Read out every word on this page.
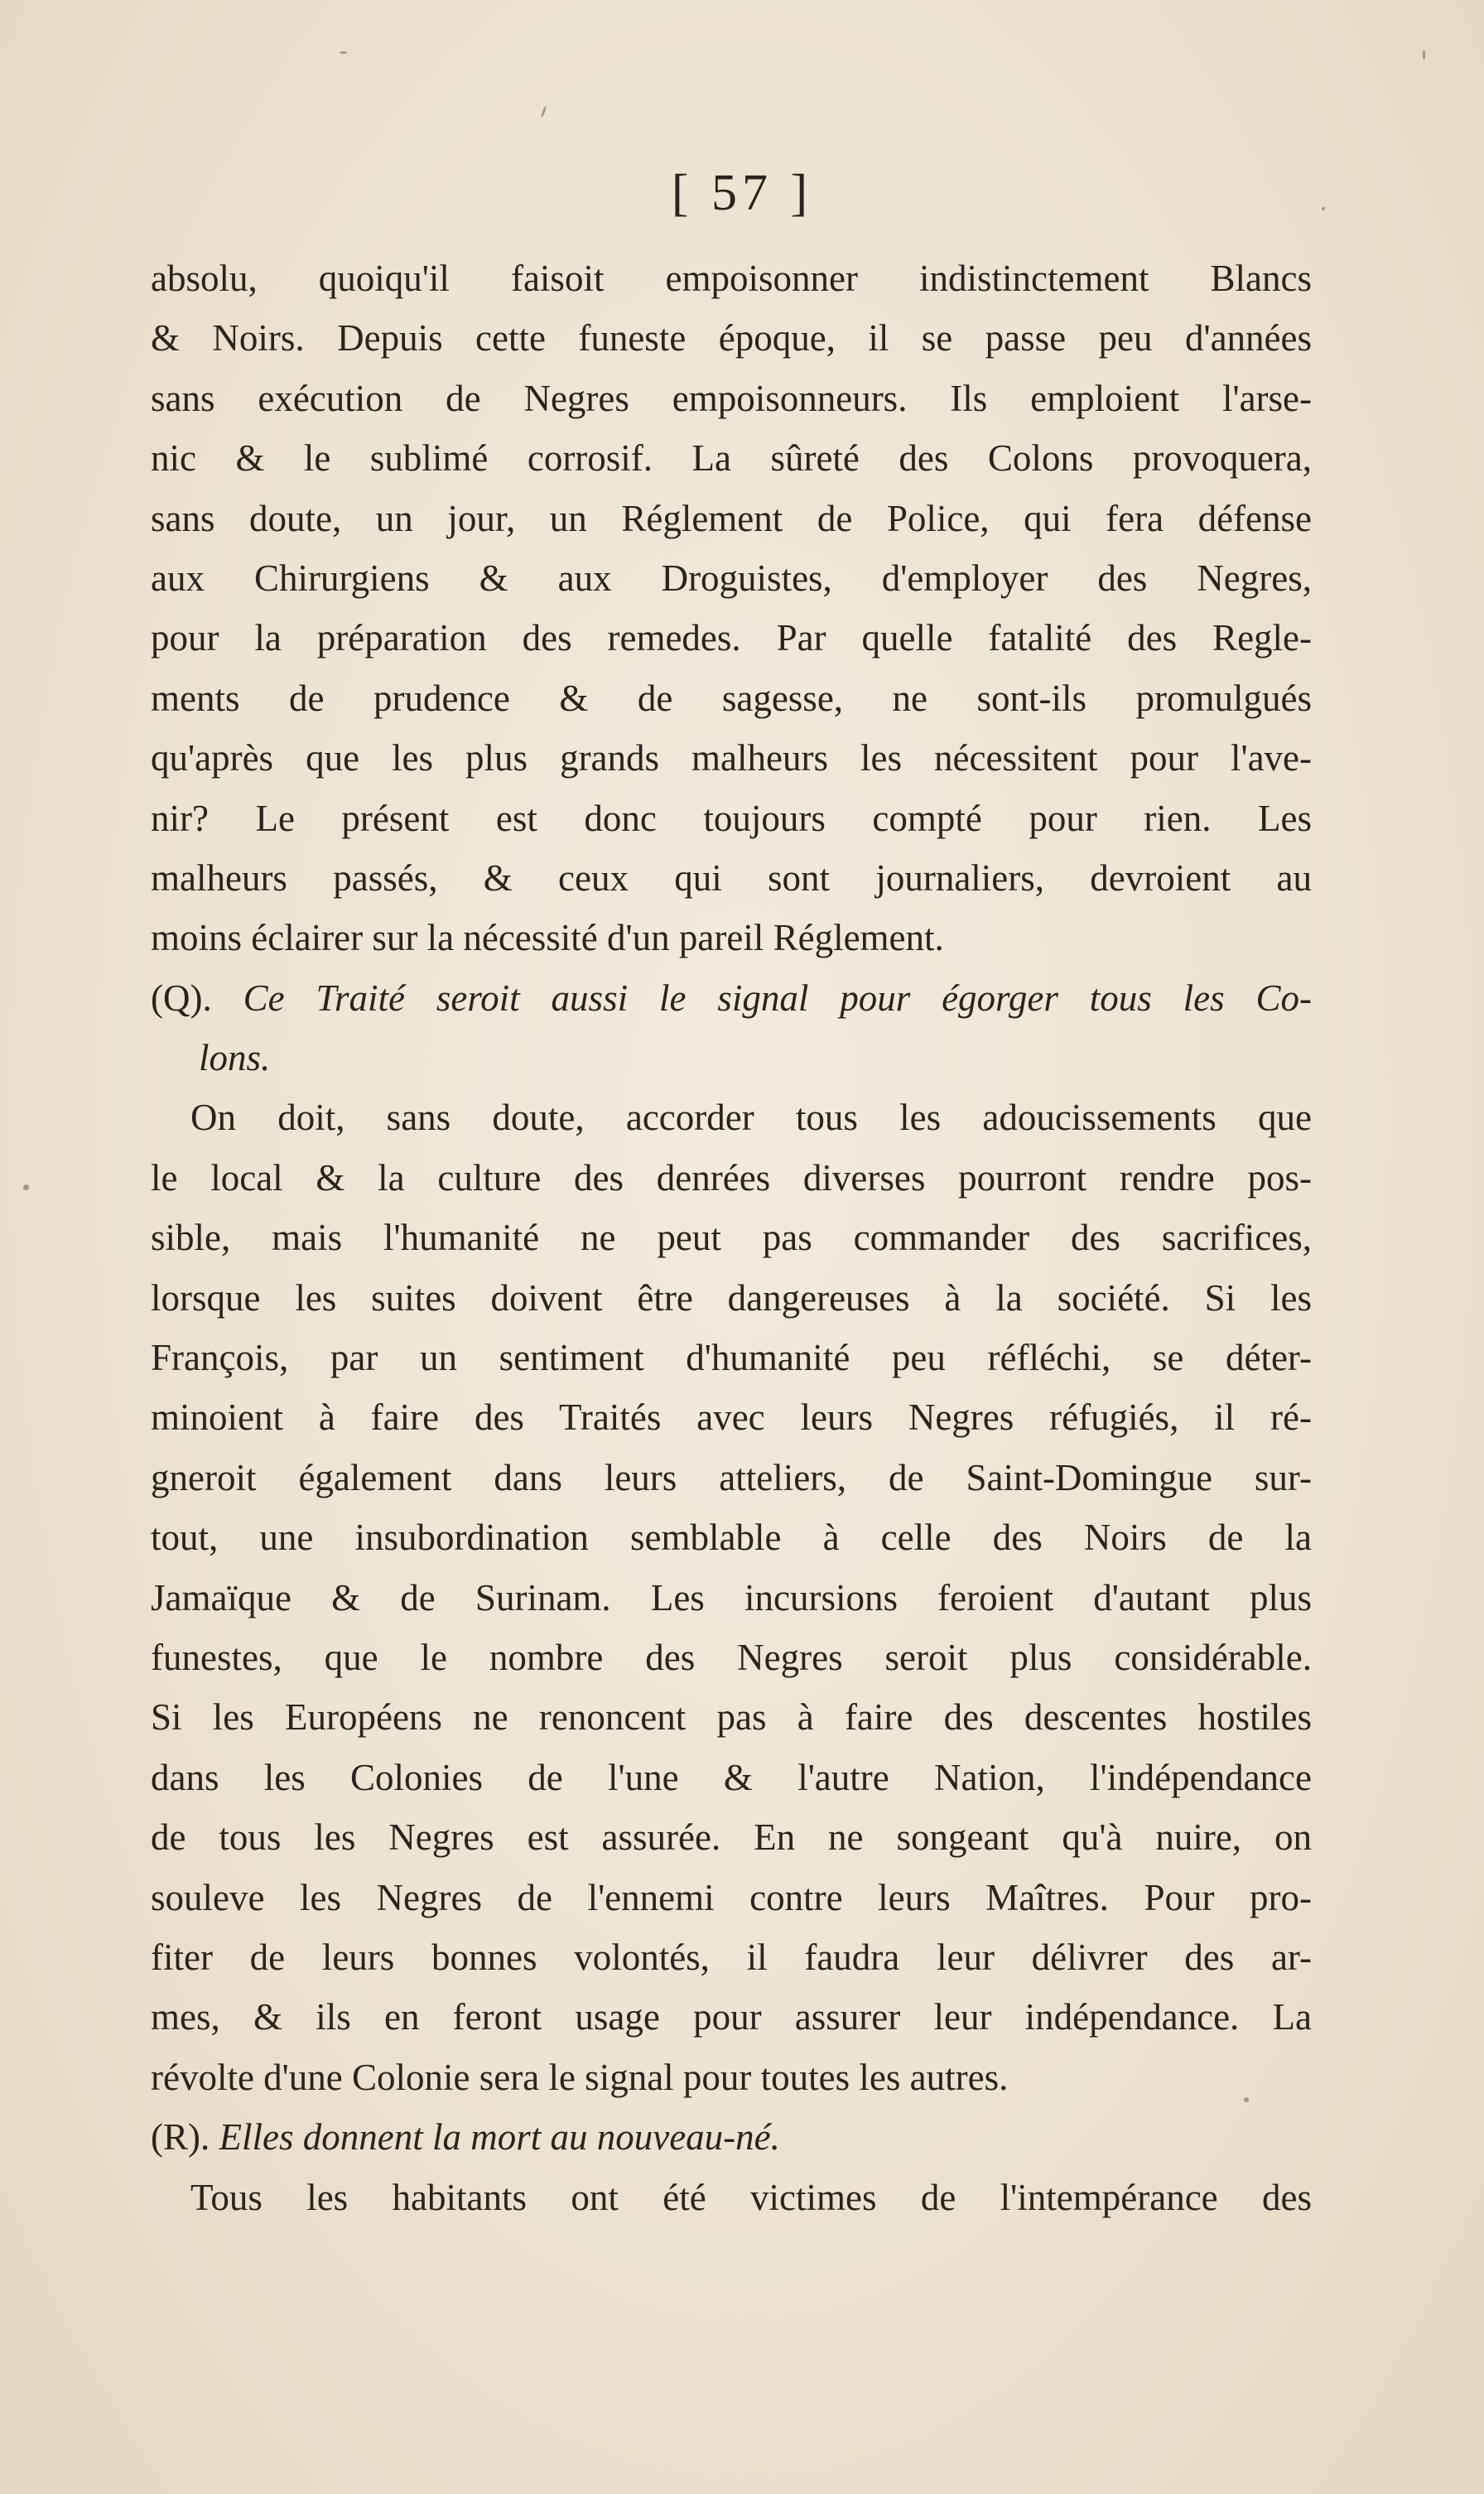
[ 57 ]
absolu, quoiqu'il faisoit empoisonner indistinctement Blancs
& Noirs. Depuis cette funeste époque, il se passe peu d'années
sans exécution de Negres empoisonneurs. Ils emploient l'arse-
nic & le sublimé corrosif. La sûreté des Colons provoquera,
sans doute, un jour, un Réglement de Police, qui fera défense
aux Chirurgiens & aux Droguistes, d'employer des Negres,
pour la préparation des remedes. Par quelle fatalité des Regle-
ments de prudence & de sagesse, ne sont-ils promulgués
qu'après que les plus grands malheurs les nécessitent pour l'ave-
nir? Le présent est donc toujours compté pour rien. Les
malheurs passés, & ceux qui sont journaliers, devroient au
moins éclairer sur la nécessité d'un pareil Réglement.
(Q). Ce Traité seroit aussi le signal pour égorger tous les Co-
lons.
On doit, sans doute, accorder tous les adoucissements que
le local & la culture des denrées diverses pourront rendre pos-
sible, mais l'humanité ne peut pas commander des sacrifices,
lorsque les suites doivent être dangereuses à la société. Si les
François, par un sentiment d'humanité peu réfléchi, se déter-
minoient à faire des Traités avec leurs Negres réfugiés, il ré-
gneroit également dans leurs atteliers, de Saint-Domingue sur-
tout, une insubordination semblable à celle des Noirs de la
Jamaïque & de Surinam. Les incursions feroient d'autant plus
funestes, que le nombre des Negres seroit plus considérable.
Si les Européens ne renoncent pas à faire des descentes hostiles
dans les Colonies de l'une & l'autre Nation, l'indépendance
de tous les Negres est assurée. En ne songeant qu'à nuire, on
souleve les Negres de l'ennemi contre leurs Maîtres. Pour pro-
fiter de leurs bonnes volontés, il faudra leur délivrer des ar-
mes, & ils en feront usage pour assurer leur indépendance. La
révolte d'une Colonie sera le signal pour toutes les autres.
(R). Elles donnent la mort au nouveau-né.
Tous les habitants ont été victimes de l'intempérance des
